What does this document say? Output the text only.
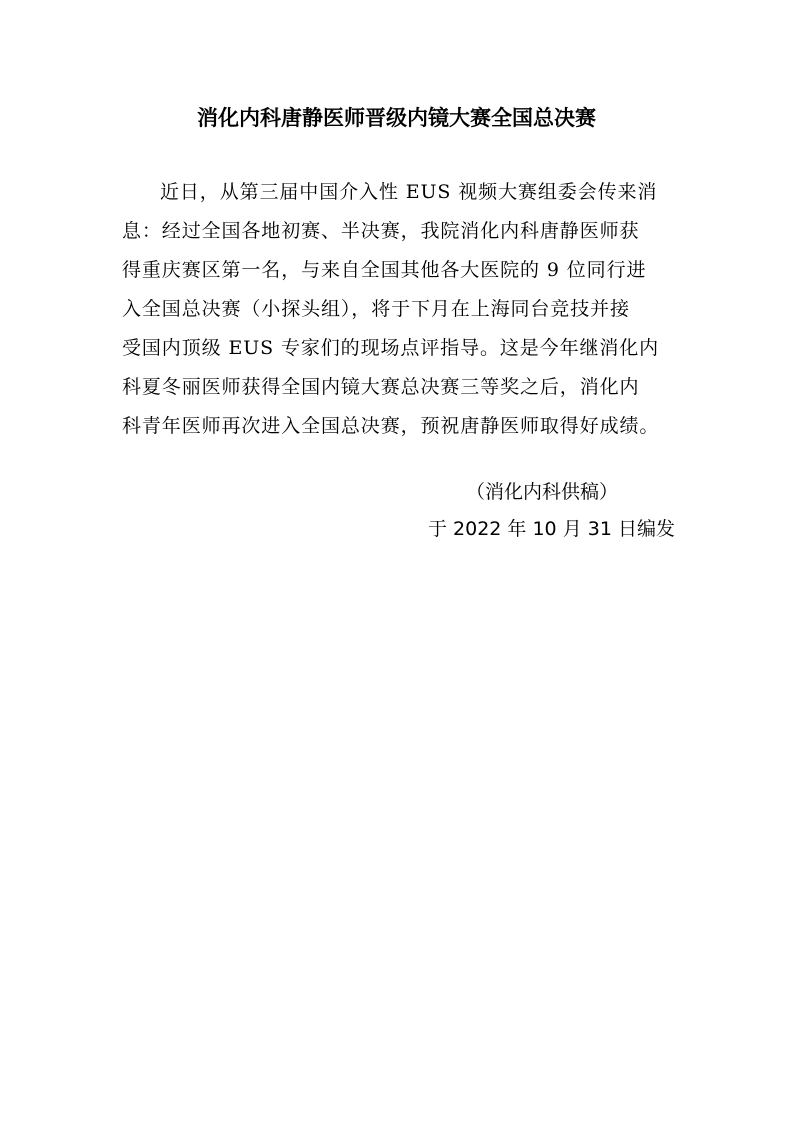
消化内科唐静医师晋级内镜大赛全国总决赛
近日，从第三届中国介入性 EUS 视频大赛组委会传来消
息：经过全国各地初赛、半决赛，我院消化内科唐静医师获
得重庆赛区第一名，与来自全国其他各大医院的 9 位同行进
入全国总决赛（小探头组），将于下月在上海同台竞技并接
受国内顶级 EUS 专家们的现场点评指导。这是今年继消化内
科夏冬丽医师获得全国内镜大赛总决赛三等奖之后，消化内
科青年医师再次进入全国总决赛，预祝唐静医师取得好成绩。
（消化内科供稿）
于 2022 年 10 月 31 日编发
